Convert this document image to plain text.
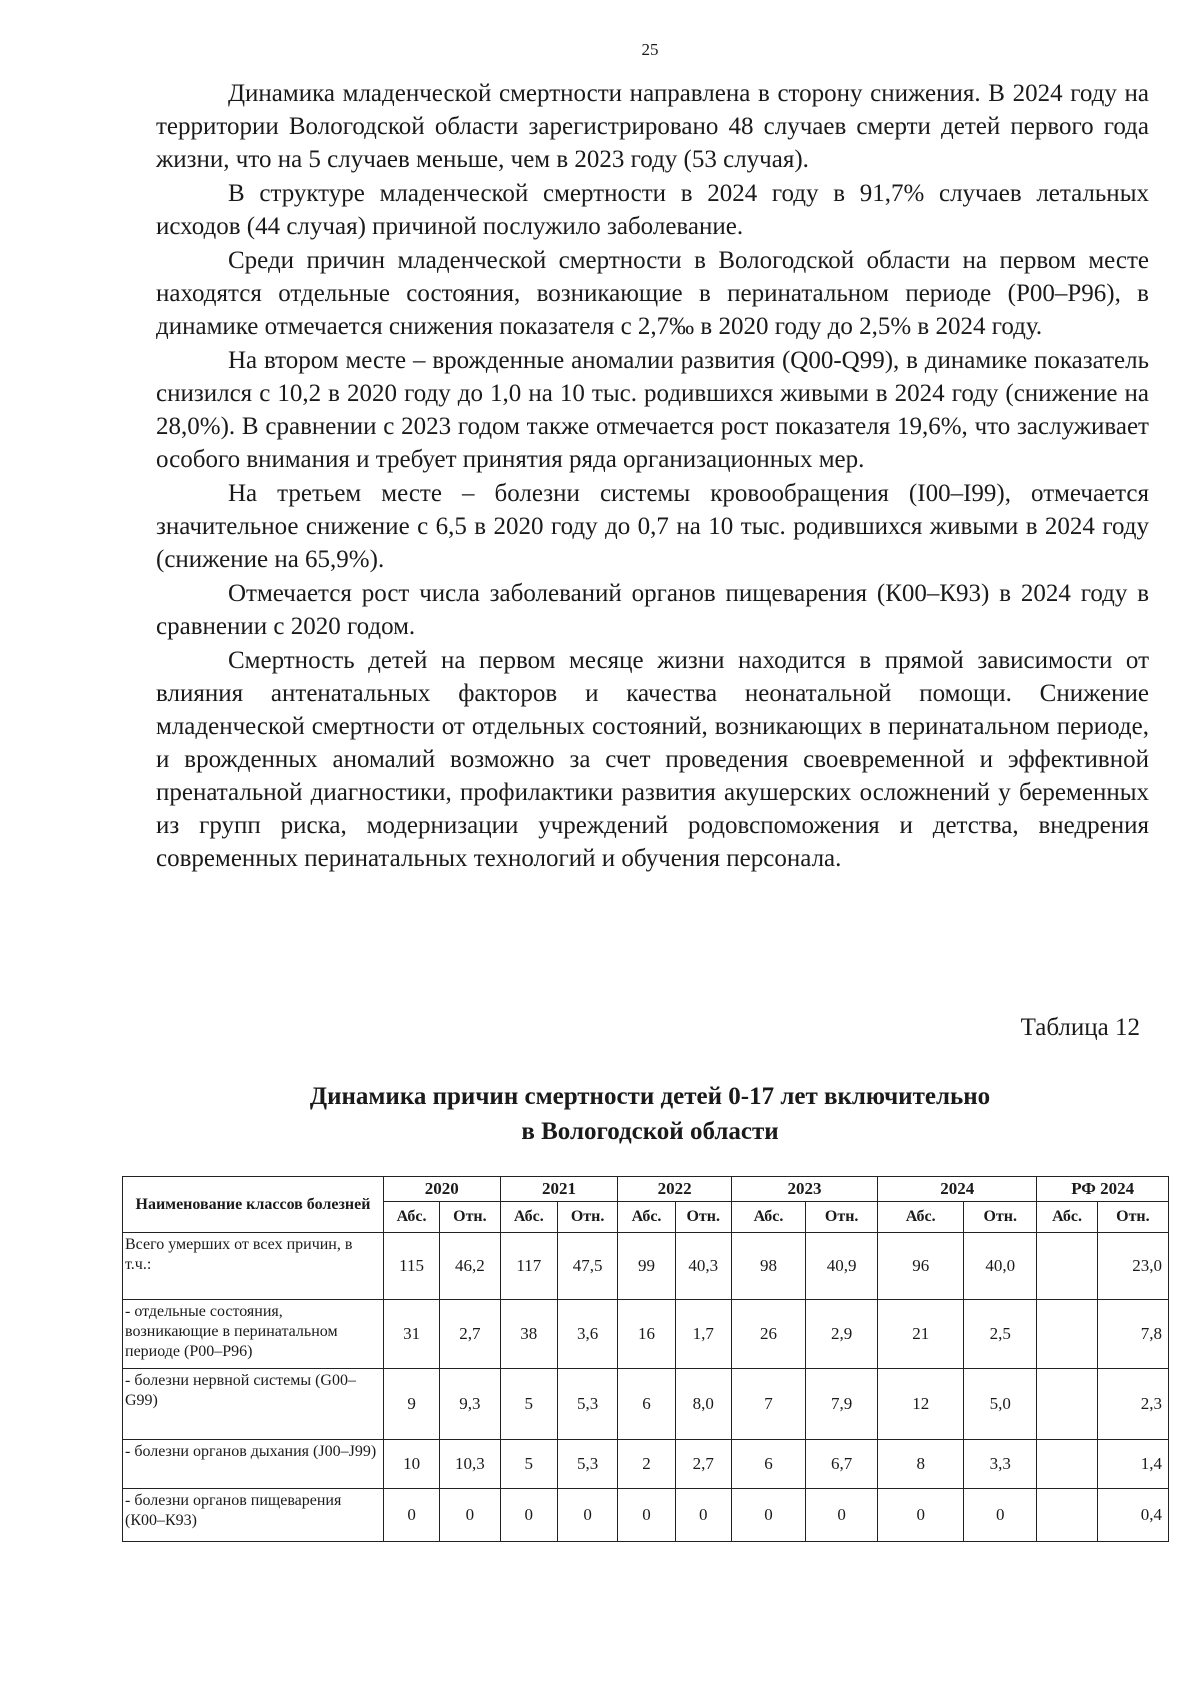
25

Динамика младенческой смертности направлена в сторону снижения. В 2024 году на территории Вологодской области зарегистрировано 48 случаев смерти детей первого года жизни, что на 5 случаев меньше, чем в 2023 году (53 случая).

В структуре младенческой смертности в 2024 году в 91,7% случаев летальных исходов (44 случая) причиной послужило заболевание.

Среди причин младенческой смертности в Вологодской области на первом месте находятся отдельные состояния, возникающие в перинатальном периоде (Р00–Р96), в динамике отмечается снижения показателя с 2,7‰ в 2020 году до 2,5% в 2024 году.

На втором месте – врожденные аномалии развития (Q00-Q99), в динамике показатель снизился с 10,2 в 2020 году до 1,0 на 10 тыс. родившихся живыми в 2024 году (снижение на 28,0%). В сравнении с 2023 годом также отмечается рост показателя 19,6%, что заслуживает особого внимания и требует принятия ряда организационных мер.

На третьем месте – болезни системы кровообращения (I00–I99), отмечается значительное снижение с 6,5 в 2020 году до 0,7 на 10 тыс. родившихся живыми в 2024 году (снижение на 65,9%).

Отмечается рост числа заболеваний органов пищеварения (К00–К93) в 2024 году в сравнении с 2020 годом.

Смертность детей на первом месяце жизни находится в прямой зависимости от влияния антенатальных факторов и качества неонатальной помощи. Снижение младенческой смертности от отдельных состояний, возникающих в перинатальном периоде, и врожденных аномалий возможно за счет проведения своевременной и эффективной пренатальной диагностики, профилактики развития акушерских осложнений у беременных из групп риска, модернизации учреждений родовспоможения и детства, внедрения современных перинатальных технологий и обучения персонала.

Таблица 12
Динамика причин смертности детей 0-17 лет включительно
в Вологодской области
Наименование классов болезней	2020		2021		2022		2023		2024		РФ 2024	
	Абс.	Отн.	Абс.	Отн.	Абс.	Отн.	Абс.	Отн.	Абс.	Отн.	Абс.	Отн.
Всего умерших от всех причин, в т.ч.:	115	46,2	117	47,5	99	40,3	98	40,9	96	40,0		23,0
- отдельные состояния, возникающие в перинатальном периоде (Р00–Р96)	31	2,7	38	3,6	16	1,7	26	2,9	21	2,5		7,8
- болезни нервной системы (G00–G99)	9	9,3	5	5,3	6	8,0	7	7,9	12	5,0		2,3
- болезни органов дыхания (J00–J99)	10	10,3	5	5,3	2	2,7	6	6,7	8	3,3		1,4
- болезни органов пищеварения (К00–К93)	0	0	0	0	0	0	0	0	0	0		0,4
